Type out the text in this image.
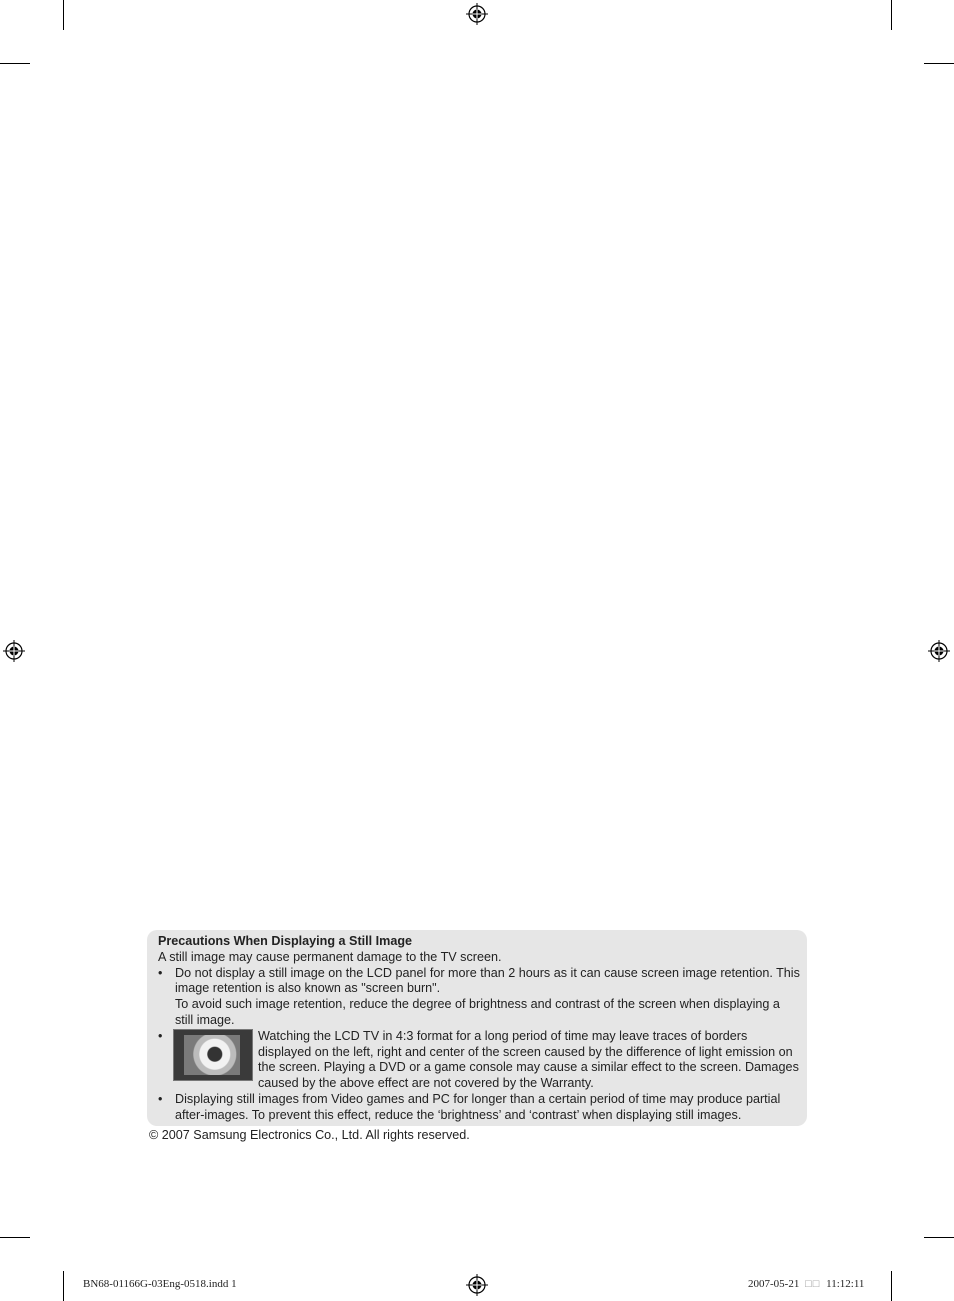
Precautions When Displaying a Still Image
A still image may cause permanent damage to the TV screen.
• Do not display a still image on the LCD panel for more than 2 hours as it can cause screen image retention. This image retention is also known as "screen burn".
To avoid such image retention, reduce the degree of brightness and contrast of the screen when displaying a still image.
•	Watching the LCD TV in 4:3 format for a long period of time may leave traces of borders displayed on the left, right and center of the screen caused by the difference of light emission on the screen. Playing a DVD or a game console may cause a similar effect to the screen. Damages caused by the above effect are not covered by the Warranty.
• Displaying still images from Video games and PC for longer than a certain period of time may produce partial after-images. To prevent this effect, reduce the ‘brightness’ and ‘contrast’ when displaying still images.
© 2007 Samsung Electronics Co., Ltd. All rights reserved.
BN68-01166G-03Eng-0518.indd 1	2007-05-21 □□ 11:12:11
